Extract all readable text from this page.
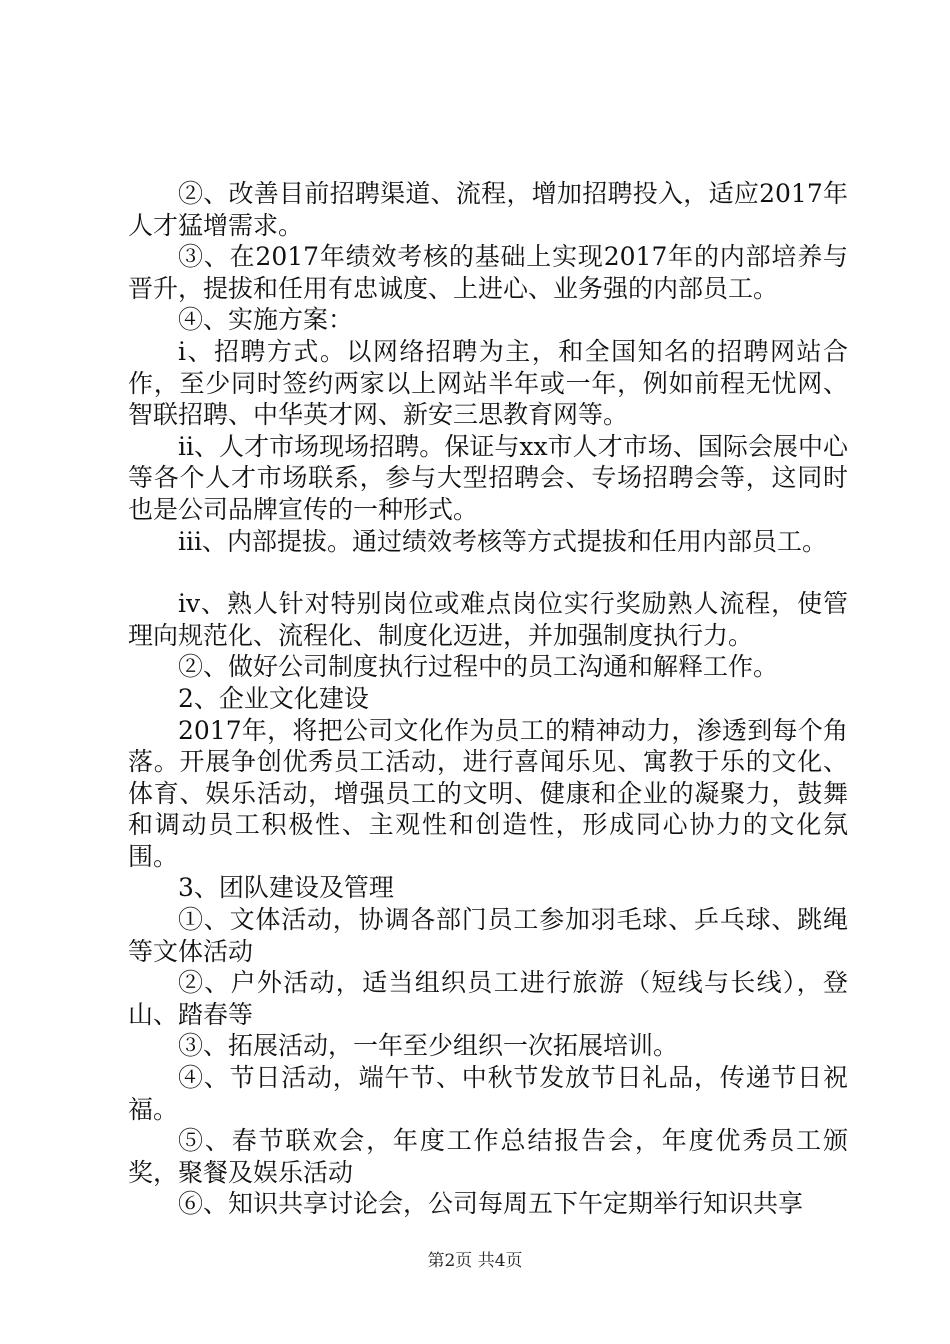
②、改善目前招聘渠道、流程，增加招聘投入，适应2017年人才猛增需求。

③、在2017年绩效考核的基础上实现2017年的内部培养与晋升，提拔和任用有忠诚度、上进心、业务强的内部员工。

④、实施方案：

ⅰ、招聘方式。以网络招聘为主，和全国知名的招聘网站合作，至少同时签约两家以上网站半年或一年，例如前程无忧网、智联招聘、中华英才网、新安三思教育网等。

ⅱ、人才市场现场招聘。保证与xx市人才市场、国际会展中心等各个人才市场联系，参与大型招聘会、专场招聘会等，这同时也是公司品牌宣传的一种形式。

ⅲ、内部提拔。通过绩效考核等方式提拔和任用内部员工。

ⅳ、熟人针对特别岗位或难点岗位实行奖励熟人流程，使管理向规范化、流程化、制度化迈进，并加强制度执行力。

②、做好公司制度执行过程中的员工沟通和解释工作。

2、企业文化建设

2017年，将把公司文化作为员工的精神动力，渗透到每个角落。开展争创优秀员工活动，进行喜闻乐见、寓教于乐的文化、体育、娱乐活动，增强员工的文明、健康和企业的凝聚力，鼓舞和调动员工积极性、主观性和创造性，形成同心协力的文化氛围。

3、团队建设及管理

①、文体活动，协调各部门员工参加羽毛球、乒乓球、跳绳等文体活动

②、户外活动，适当组织员工进行旅游（短线与长线），登山、踏春等

③、拓展活动，一年至少组织一次拓展培训。

④、节日活动，端午节、中秋节发放节日礼品，传递节日祝福。

⑤、春节联欢会，年度工作总结报告会，年度优秀员工颁奖，聚餐及娱乐活动

⑥、知识共享讨论会，公司每周五下午定期举行知识共享

第2页 共4页
